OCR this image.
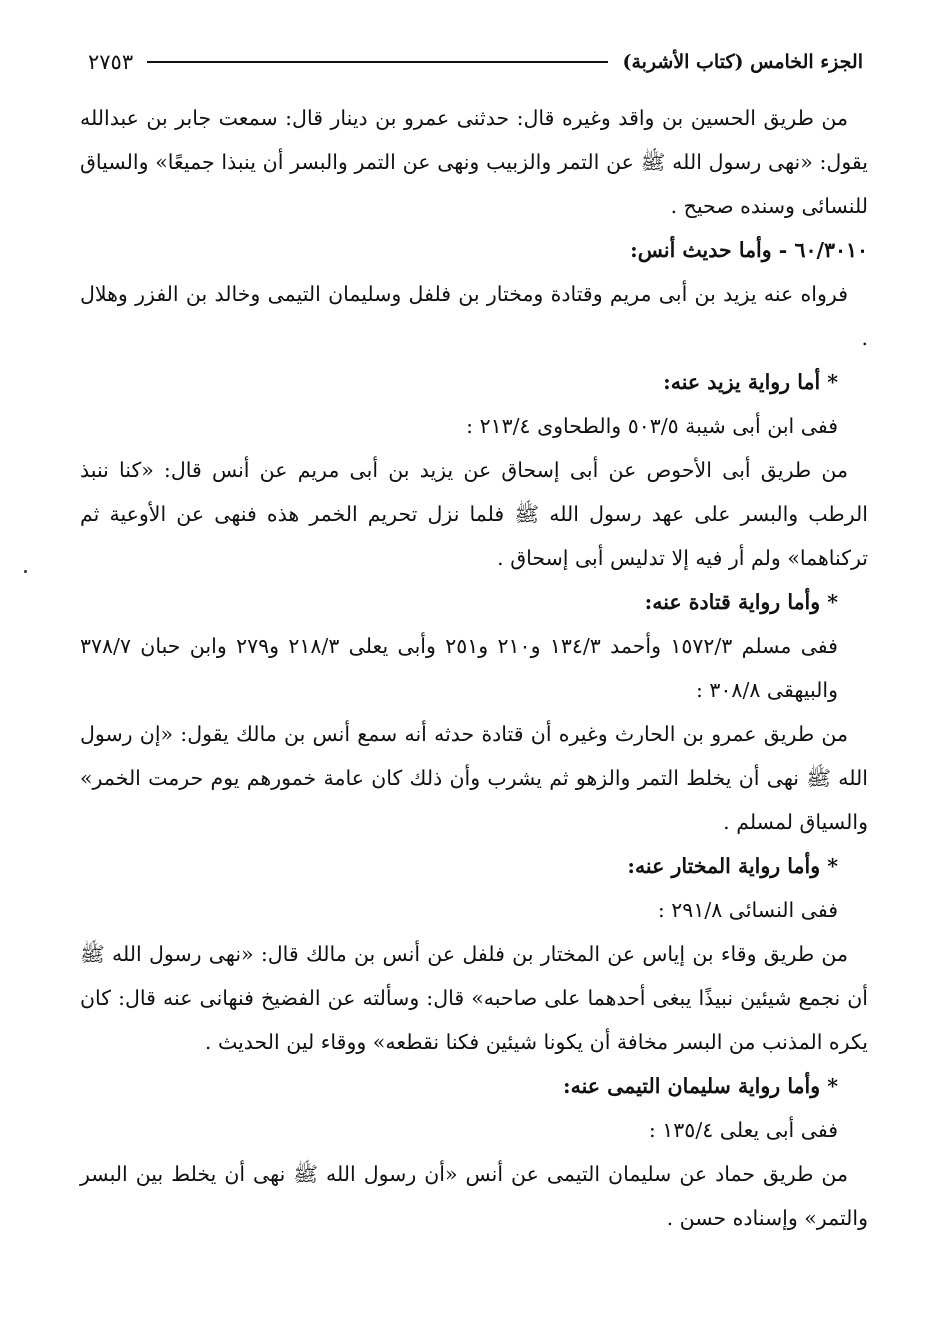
الجزء الخامس (كتاب الأشربة)
٢٧٥٣

من طريق الحسين بن واقد وغيره قال: حدثنى عمرو بن دينار قال: سمعت جابر بن عبدالله يقول: «نهى رسول الله ﷺ عن التمر والزبيب ونهى عن التمر والبسر أن ينبذا جميعًا» والسياق للنسائى وسنده صحيح .

٦٠/٣٠١٠ - وأما حديث أنس:

فرواه عنه يزيد بن أبى مريم وقتادة ومختار بن فلفل وسليمان التيمى وخالد بن الفزر وهلال .

* أما رواية يزيد عنه:

ففى ابن أبى شيبة ٥٠٣/٥ والطحاوى ٢١٣/٤ :

من طريق أبى الأحوص عن أبى إسحاق عن يزيد بن أبى مريم عن أنس قال: «كنا ننبذ الرطب والبسر على عهد رسول الله ﷺ فلما نزل تحريم الخمر هذه فنهى عن الأوعية ثم تركناهما» ولم أر فيه إلا تدليس أبى إسحاق .

* وأما رواية قتادة عنه:

ففى مسلم ١٥٧٢/٣ وأحمد ١٣٤/٣ و٢١٠ و٢٥١ وأبى يعلى ٢١٨/٣ و٢٧٩ وابن حبان ٣٧٨/٧ والبيهقى ٣٠٨/٨ :

من طريق عمرو بن الحارث وغيره أن قتادة حدثه أنه سمع أنس بن مالك يقول: «إن رسول الله ﷺ نهى أن يخلط التمر والزهو ثم يشرب وأن ذلك كان عامة خمورهم يوم حرمت الخمر» والسياق لمسلم .

* وأما رواية المختار عنه:

ففى النسائى ٢٩١/٨ :

من طريق وقاء بن إياس عن المختار بن فلفل عن أنس بن مالك قال: «نهى رسول الله ﷺ أن نجمع شيئين نبيذًا يبغى أحدهما على صاحبه» قال: وسألته عن الفضيخ فنهانى عنه قال: كان يكره المذنب من البسر مخافة أن يكونا شيئين فكنا نقطعه» ووقاء لين الحديث .

* وأما رواية سليمان التيمى عنه:

ففى أبى يعلى ١٣٥/٤ :

من طريق حماد عن سليمان التيمى عن أنس «أن رسول الله ﷺ نهى أن يخلط بين البسر والتمر» وإسناده حسن .
